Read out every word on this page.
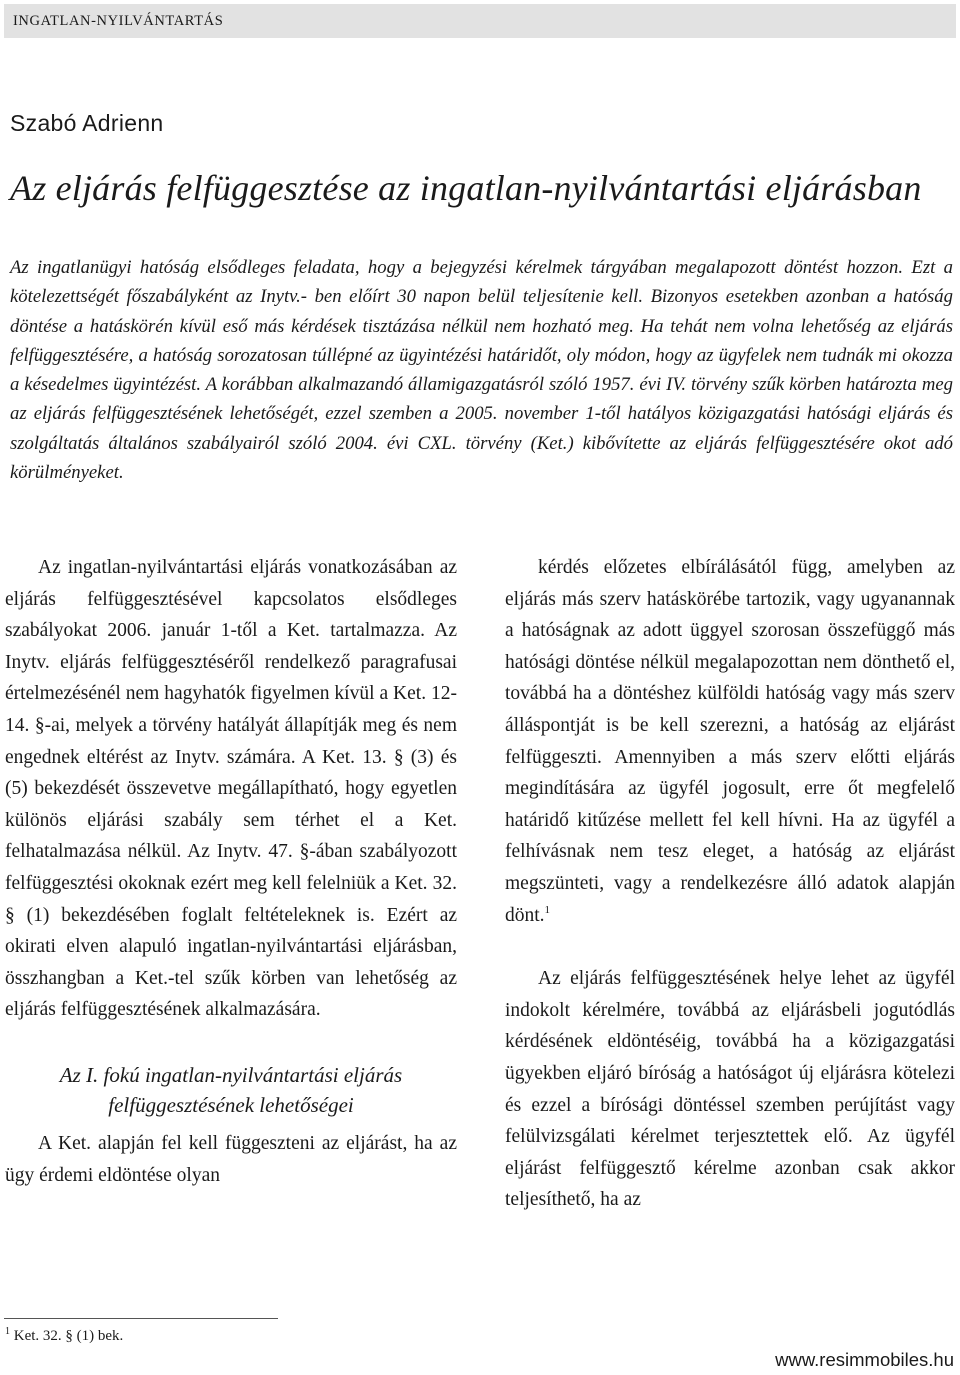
INGATLAN-NYILVÁNTARTÁS
Szabó Adrienn
Az eljárás felfüggesztése az ingatlan-nyilvántartási eljárásban

Az ingatlanügyi hatóság elsődleges feladata, hogy a bejegyzési kérelmek tárgyában megalapozott döntést hozzon. Ezt a kötelezettségét főszabályként az Inytv.- ben előírt 30 napon belül teljesítenie kell. Bizonyos esetekben azonban a hatóság döntése a hatáskörén kívül eső más kérdések tisztázása nélkül nem hozható meg. Ha tehát nem volna lehetőség az eljárás felfüggesztésére, a hatóság sorozatosan túllépné az ügyintézési határidőt, oly módon, hogy az ügyfelek nem tudnák mi okozza a késedelmes ügyintézést. A korábban alkalmazandó államigazgatásról szóló 1957. évi IV. törvény szűk körben határozta meg az eljárás felfüggesztésének lehetőségét, ezzel szemben a 2005. november 1-től hatályos közigazgatási hatósági eljárás és szolgáltatás általános szabályairól szóló 2004. évi CXL. törvény (Ket.) kibővítette az eljárás felfüggesztésére okot adó körülményeket.

Az ingatlan-nyilvántartási eljárás vonatkozásában az eljárás felfüggesztésével kapcsolatos elsődleges szabályokat 2006. január 1-től a Ket. tartalmazza. Az Inytv. eljárás felfüggesztéséről rendelkező paragrafusai értelmezésénél nem hagyhatók figyelmen kívül a Ket. 12-14. §-ai, melyek a törvény hatályát állapítják meg és nem engednek eltérést az Inytv. számára. A Ket. 13. § (3) és (5) bekezdését összevetve megállapítható, hogy egyetlen különös eljárási szabály sem térhet el a Ket. felhatalmazása nélkül. Az Inytv. 47. §-ában szabályozott felfüggesztési okoknak ezért meg kell felelniük a Ket. 32. § (1) bekezdésében foglalt feltételeknek is. Ezért az okirati elven alapuló ingatlan-nyilvántartási eljárásban, összhangban a Ket.-tel szűk körben van lehetőség az eljárás felfüggesztésének alkalmazására.

Az I. fokú ingatlan-nyilvántartási eljárás felfüggesztésének lehetőségei

A Ket. alapján fel kell függeszteni az eljárást, ha az ügy érdemi eldöntése olyan

kérdés előzetes elbírálásától függ, amelyben az eljárás más szerv hatáskörébe tartozik, vagy ugyanannak a hatóságnak az adott üggyel szorosan összefüggő más hatósági döntése nélkül megalapozottan nem dönthető el, továbbá ha a döntéshez külföldi hatóság vagy más szerv álláspontját is be kell szerezni, a hatóság az eljárást felfüggeszti. Amennyiben a más szerv előtti eljárás megindítására az ügyfél jogosult, erre őt megfelelő határidő kitűzése mellett fel kell hívni. Ha az ügyfél a felhívásnak nem tesz eleget, a hatóság az eljárást megszünteti, vagy a rendelkezésre álló adatok alapján dönt.$^1$

Az eljárás felfüggesztésének helye lehet az ügyfél indokolt kérelmére, továbbá az eljárásbeli jogutódlás kérdésének eldöntéséig, továbbá ha a közigazgatási ügyekben eljáró bíróság a hatóságot új eljárásra kötelezi és ezzel a bírósági döntéssel szemben perújítást vagy felülvizsgálati kérelmet terjesztettek elő. Az ügyfél eljárást felfüggesztő kérelme azonban csak akkor teljesíthető, ha az

$^1$ Ket. 32. § (1) bek.
www.resimmobiles.hu
